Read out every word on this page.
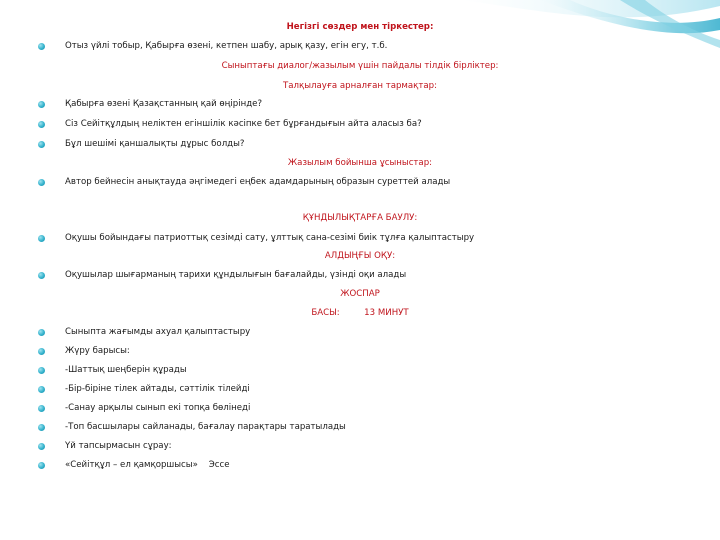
Негізгі сөздер мен тіркестер:
Отыз үйлі тобыр, Қабырға өзені, кетпен шабу, арық қазу, егін егу, т.б.
Сыныптағы диалог/жазылым үшін пайдалы тілдік бірліктер:
Талқылауға арналған тармақтар:
Қабырға өзені Қазақстанның қай өңірінде?
Сіз Сейітқұлдың неліктен егіншілік кәсіпке бет бұрғандығын айта аласыз ба?
Бұл шешімі қаншалықты дұрыс болды?
Жазылым бойынша ұсыныстар:
Автор бейнесін анықтауда әңгімедегі еңбек адамдарының образын суреттей алады
ҚҰНДЫЛЫҚТАРҒА БАУЛУ:
Оқушы бойындағы патриоттық сезімді сату, ұлттық сана-сезімі биік тұлға қалыптастыру
АЛДЫҢҒЫ ОҚУ:
Оқушылар шығарманың тарихи құндылығын бағалайды, үзінді оқи алады
ЖОСПАР
БАСЫ:         13 МИНУТ
Сыныпта жағымды ахуал қалыптастыру
Жүру барысы:
-Шаттық шеңберін құрады
-Бір-біріне тілек айтады, сәттілік тілейді
-Санау арқылы сынып екі топқа бөлінеді
-Топ басшылары сайланады, бағалау парақтары таратылады
Үй тапсырмасын сұрау:
«Сейітқұл – ел қамқоршысы»    Эссе
